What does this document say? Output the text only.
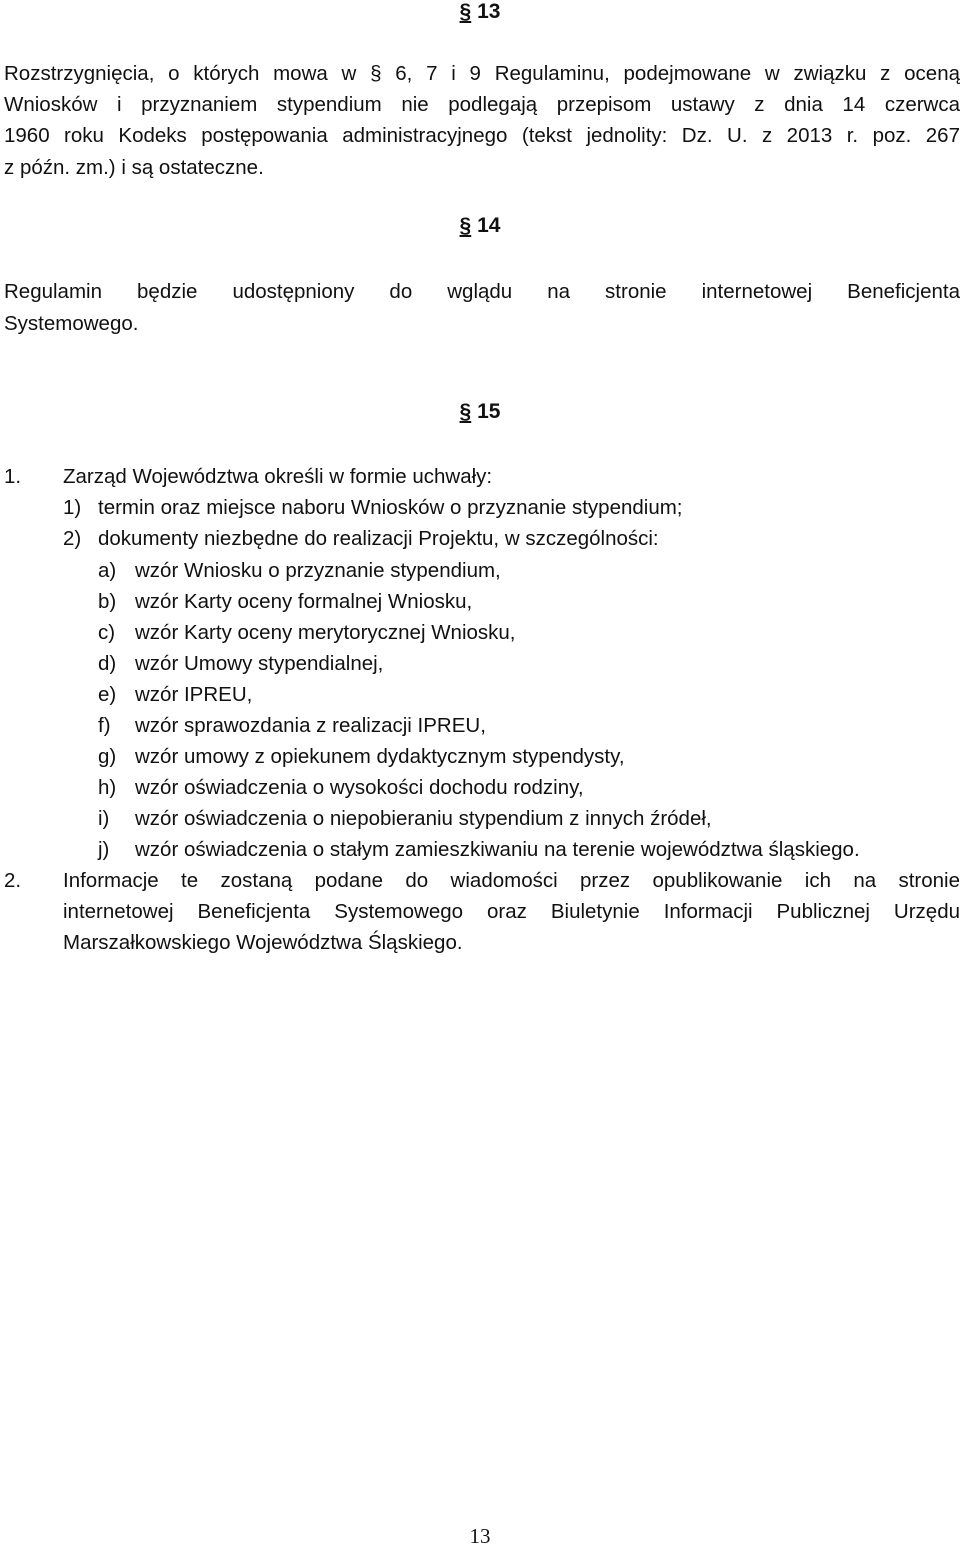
§ 13
Rozstrzygnięcia, o których mowa w § 6, 7 i 9 Regulaminu, podejmowane w związku z oceną
Wniosków i przyznaniem stypendium nie podlegają przepisom ustawy z dnia 14 czerwca
1960 roku Kodeks postępowania administracyjnego (tekst jednolity: Dz. U. z 2013 r. poz. 267
z późn. zm.) i są ostateczne.
§ 14
Regulamin będzie udostępniony do wglądu na stronie internetowej Beneficjenta
Systemowego.
§ 15
1. Zarząd Województwa określi w formie uchwały:
1) termin oraz miejsce naboru Wniosków o przyznanie stypendium;
2) dokumenty niezbędne do realizacji Projektu, w szczególności:
a) wzór Wniosku o przyznanie stypendium,
b) wzór Karty oceny formalnej Wniosku,
c) wzór Karty oceny merytorycznej Wniosku,
d) wzór Umowy stypendialnej,
e) wzór IPREU,
f) wzór sprawozdania z realizacji IPREU,
g) wzór umowy z opiekunem dydaktycznym stypendysty,
h) wzór oświadczenia o wysokości dochodu rodziny,
i) wzór oświadczenia o niepobieraniu stypendium z innych źródeł,
j) wzór oświadczenia o stałym zamieszkiwaniu na terenie województwa śląskiego.
2. Informacje te zostaną podane do wiadomości przez opublikowanie ich na stronie
internetowej Beneficjenta Systemowego oraz Biuletynie Informacji Publicznej Urzędu
Marszałkowskiego Województwa Śląskiego.
13
